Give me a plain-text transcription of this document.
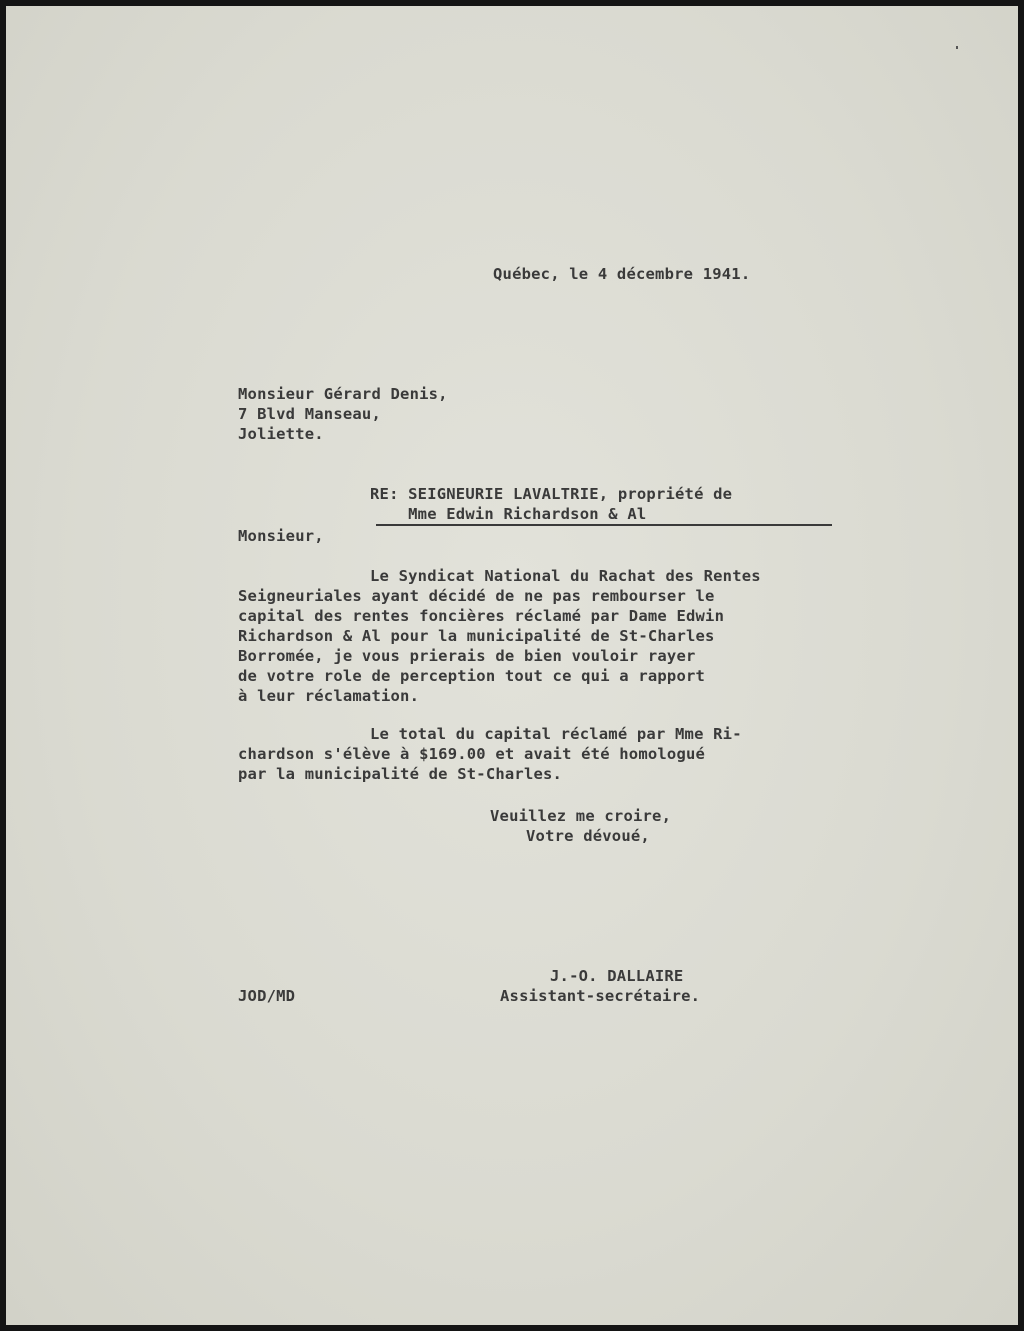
Québec, le 4 décembre 1941.
Monsieur Gérard Denis,
7 Blvd Manseau,
Joliette.
RE: SEIGNEURIE LAVALTRIE, propriété de
Mme Edwin Richardson & Al
Monsieur,
Le Syndicat National du Rachat des Rentes
Seigneuriales ayant décidé de ne pas rembourser le
capital des rentes foncières réclamé par Dame Edwin
Richardson & Al pour la municipalité de St-Charles
Borromée, je vous prierais de bien vouloir rayer
de votre role de perception tout ce qui a rapport
à leur réclamation.
Le total du capital réclamé par Mme Ri-
chardson s'élève à $169.00 et avait été homologué
par la municipalité de St-Charles.
Veuillez me croire,
Votre dévoué,
J.-O. DALLAIRE
Assistant-secrétaire.
JOD/MD
